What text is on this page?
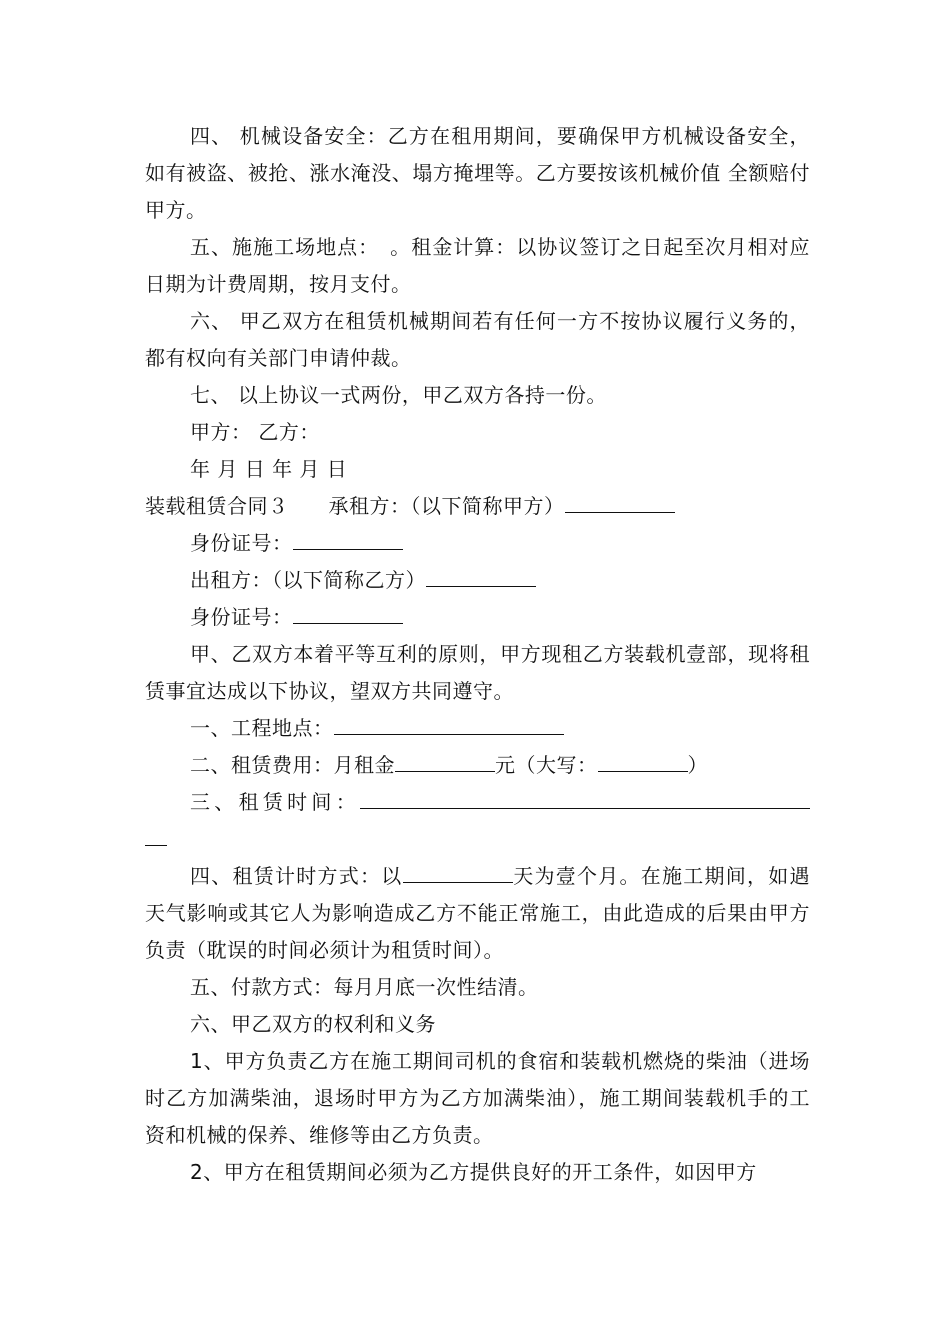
四、 机械设备安全：乙方在租用期间，要确保甲方机械设备安全，如有被盗、被抢、涨水淹没、塌方掩埋等。乙方要按该机械价值 全额赔付甲方。

五、施施工场地点：　。租金计算：以协议签订之日起至次月相对应日期为计费周期，按月支付。

六、 甲乙双方在租赁机械期间若有任何一方不按协议履行义务的，都有权向有关部门申请仲裁。

七、 以上协议一式两份，甲乙双方各持一份。

甲方： 乙方：

年 月 日 年 月 日

装载租赁合同３ 承租方：（以下简称甲方）

身份证号：

出租方：（以下简称乙方）

身份证号：

甲、乙双方本着平等互利的原则，甲方现租乙方装载机壹部，现将租赁事宜达成以下协议，望双方共同遵守。

一、工程地点：

二、租赁费用：月租金	元（大写：	）

三、租赁时间：

四、租赁计时方式：以	天为壹个月。在施工期间，如遇天气影响或其它人为影响造成乙方不能正常施工，由此造成的后果由甲方负责（耽误的时间必须计为租赁时间）。

五、付款方式：每月月底一次性结清。

六、甲乙双方的权利和义务

1、甲方负责乙方在施工期间司机的食宿和装载机燃烧的柴油（进场时乙方加满柴油，退场时甲方为乙方加满柴油），施工期间装载机手的工资和机械的保养、维修等由乙方负责。

2、甲方在租赁期间必须为乙方提供良好的开工条件，如因甲方
